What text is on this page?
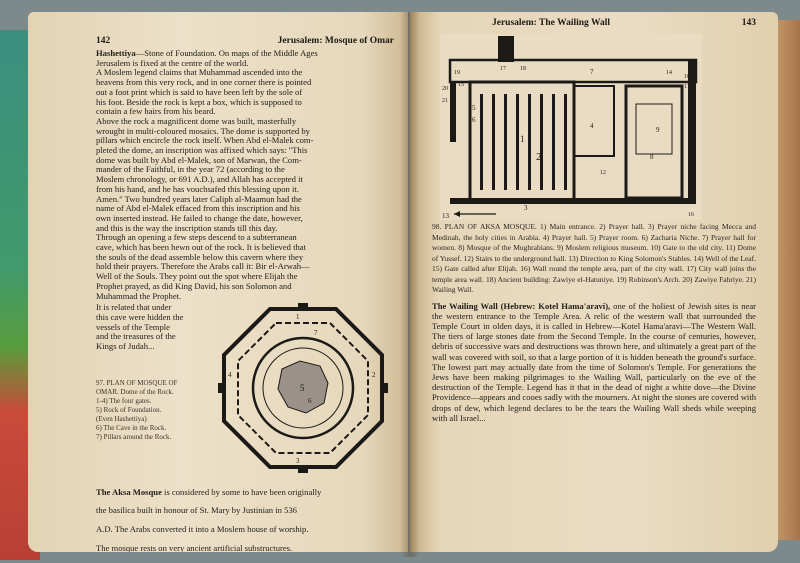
142	Jerusalem: Mosque of Omar

Hashettiya—Stone of Foundation. On maps of the Middle Ages

Jerusalem is fixed at the centre of the world.

A Moslem legend claims that Muhammad ascended into the

heavens from this very rock, and in one corner there is pointed

out a foot print which is said to have been left by the sole of

his foot. Beside the rock is kept a box, which is supposed to

contain a few hairs from his beard.

Above the rock a magnificent dome was built, masterfully

wrought in multi-coloured mosaics. The dome is supported by

pillars which encircle the rock itself. When Abd el-Malek com-

pleted the dome, an inscription was affixed which says: "This

dome was built by Abd el-Malek, son of Marwan, the Com-

mander of the Faithful, in the year 72 (according to the

Moslem chronology, or 691 A.D.), and Allah has accepted it

from his hand, and he has vouchsafed this blessing upon it.

Amen." Two hundred years later Caliph al-Maamun had the

name of Abd el-Malek effaced from this inscription and his

own inserted instead. He failed to change the date, however,

and this is the way the inscription stands till this day.

Through an opening a few steps descend to a subterranean

cave, which has been hewn out of the rock. It is believed that

the souls of the dead assemble below this cavern where they

hold their prayers. Therefore the Arabs call it: Bir el-Arwah—

Well of the Souls. They point out the spot where Elijah the

Prophet prayed, as did King David, his son Solomon and

Muhammad the Prophet.

It is related that under

this cave were hidden the

vessels of the Temple

and the treasures of the

Kings of Judah...

97. PLAN OF MOSQUE OF
OMAR. Dome of the Rock.
1-4) The four gates.
5) Rock of Foundation.
(Even Hashettiya)
6) The Cave in the Rock.
7) Pillars around the Rock.
1
2
3
4
5
6
7

The Aksa Mosque is considered by some to have been originally

the basilica built in honour of St. Mary by Justinian in 536

A.D. The Arabs converted it into a Moslem house of worship.

The mosque rests on very ancient artificial substructures.

Jerusalem: The Wailing Wall	143
1
2
3
4
5
6
7
8
9
10
11
12
13
14
15
16
17 18
19
20
21
98. PLAN OF AKSA MOSQUE. 1) Main entrance. 2) Prayer hall. 3) Prayer niche facing Mecca and Medinah, the holy cities in Arabia. 4) Prayer hall. 5) Prayer room. 6) Zacharia Niche. 7) Prayer hall for women. 8) Mosque of the Mughrabians. 9) Moslem religious museum. 10) Gate to the old city. 11) Dome of Yussef. 12) Stairs to the underground hall. 13) Direction to King Solomon's Stables. 14) Well of the Leaf. 15) Gate called after Elijah. 16) Wall round the temple area, part of the city wall. 17) City wall joins the temple area wall. 18) Ancient building: Zawiye el-Hatuniye. 19) Robinson's Arch. 20) Zawiye Fahriye. 21) Wailing Wall.
The Wailing Wall (Hebrew: Kotel Hama'aravi), one of the holiest of Jewish sites is near the western entrance to the Temple Area. A relic of the western wall that surrounded the Temple Court in olden days, it is called in Hebrew—Kotel Hama'aravi—The Western Wall. The tiers of large stones date from the Second Temple. In the course of centuries, however, debris of successive wars and destructions was thrown here, and ultimately a great part of the wall was covered with soil, so that a large portion of it is hidden beneath the ground's surface. The lowest part may actually date from the time of Solomon's Temple. For generations the Jews have been making pilgrimages to the Wailing Wall, particularly on the eve of the destruction of the Temple. Legend has it that in the dead of night a white dove—the Divine Providence—appears and cooes sadly with the mourners. At night the stones are covered with drops of dew, which legend declares to be the tears the Wailing Wall sheds while weeping with all Israel...
